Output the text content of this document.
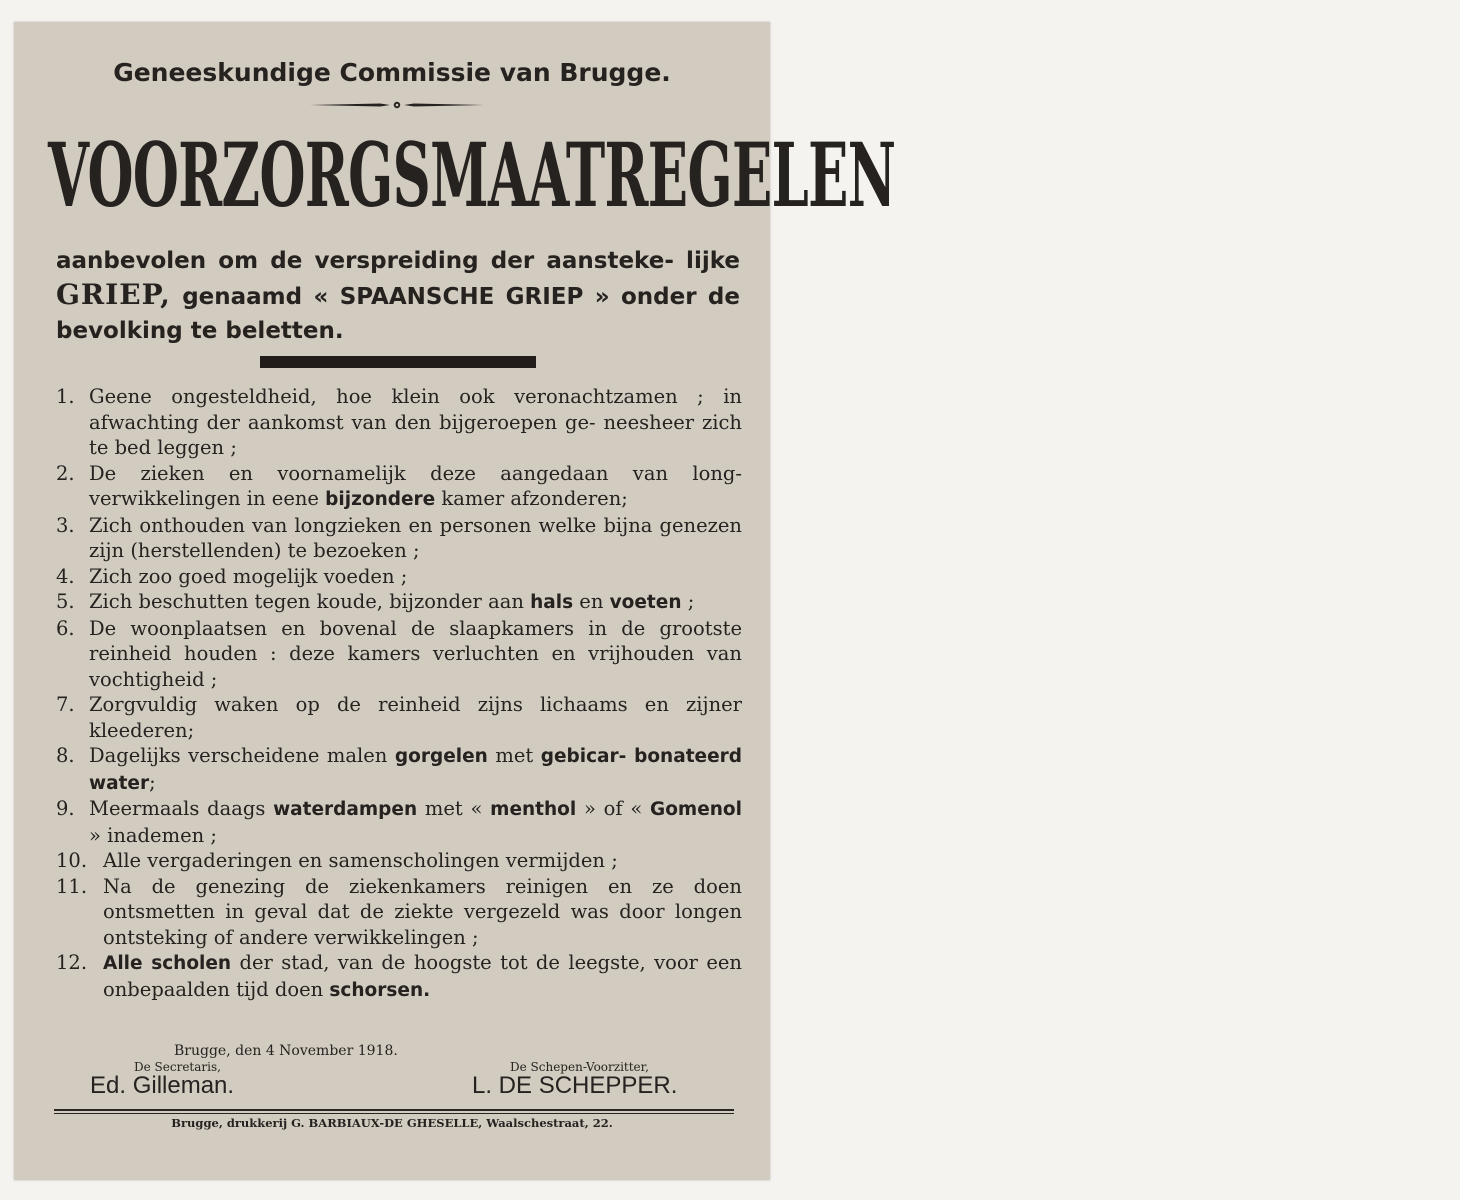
Geneeskundige Commissie van Brugge.
VOORZORGSMAATREGELEN
aanbevolen om de verspreiding der aansteke- lijke GRIEP, genaamd « SPAANSCHE GRIEP » onder de bevolking te beletten.
1. Geene ongesteldheid, hoe klein ook veronachtzamen ; in afwachting der aankomst van den bijgeroepen ge- neesheer zich te bed leggen ;
2. De zieken en voornamelijk deze aangedaan van long- verwikkelingen in eene bijzondere kamer afzonderen;
3. Zich onthouden van longzieken en personen welke bijna genezen zijn (herstellenden) te bezoeken ;
4. Zich zoo goed mogelijk voeden ;
5. Zich beschutten tegen koude, bijzonder aan hals en voeten ;
6. De woonplaatsen en bovenal de slaapkamers in de grootste reinheid houden : deze kamers verluchten en vrijhouden van vochtigheid ;
7. Zorgvuldig waken op de reinheid zijns lichaams en zijner kleederen;
8. Dagelijks verscheidene malen gorgelen met gebicar- bonateerd water;
9. Meermaals daags waterdampen met « menthol » of « Gomenol » inademen ;
10. Alle vergaderingen en samenscholingen vermijden ;
11. Na de genezing de ziekenkamers reinigen en ze doen ontsmetten in geval dat de ziekte vergezeld was door longen ontsteking of andere verwikkelingen ;
12. Alle scholen der stad, van de hoogste tot de leegste, voor een onbepaalden tijd doen schorsen.
Brugge, den 4 November 1918.
De Secretaris,	De Schepen-Voorzitter,
Ed. Gilleman.	L. DE SCHEPPER.
Brugge, drukkerij G. BARBIAUX-DE GHESELLE, Waalschestraat, 22.
